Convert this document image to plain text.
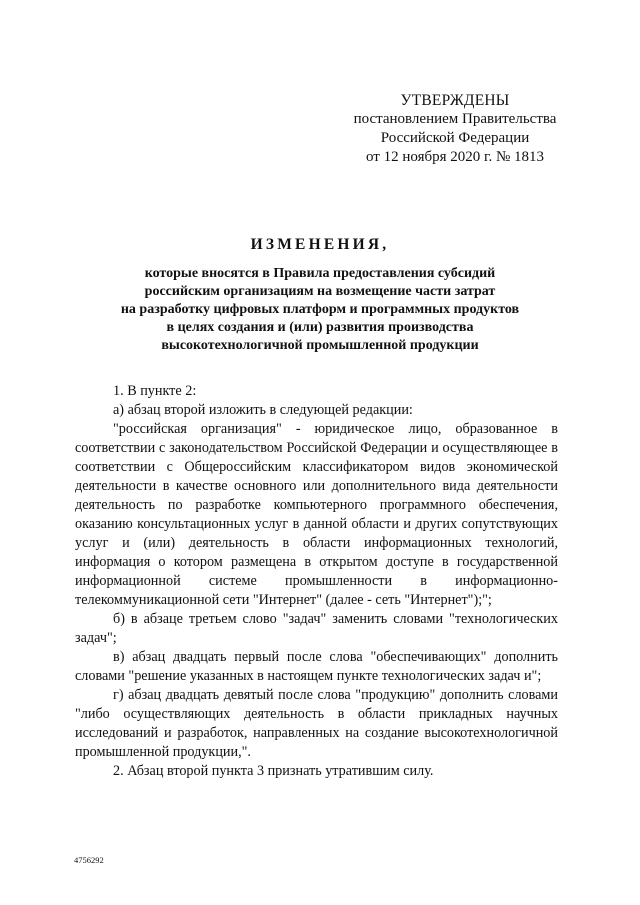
УТВЕРЖДЕНЫ
постановлением Правительства
Российской Федерации
от 12 ноября 2020 г. № 1813
ИЗМЕНЕНИЯ,
которые вносятся в Правила предоставления субсидий
российским организациям на возмещение части затрат
на разработку цифровых платформ и программных продуктов
в целях создания и (или) развития производства
высокотехнологичной промышленной продукции

1. В пункте 2:

а) абзац второй изложить в следующей редакции:

"российская организация" - юридическое лицо, образованное в соответствии с законодательством Российской Федерации и осуществляющее в соответствии с Общероссийским классификатором видов экономической деятельности в качестве основного или дополнительного вида деятельности деятельность по разработке компьютерного программного обеспечения, оказанию консультационных услуг в данной области и других сопутствующих услуг и (или) деятельность в области информационных технологий, информация о котором размещена в открытом доступе в государственной информационной системе промышленности в информационно-телекоммуникационной сети "Интернет" (далее - сеть "Интернет");";

б) в абзаце третьем слово "задач" заменить словами "технологических задач";

в) абзац двадцать первый после слова "обеспечивающих" дополнить словами "решение указанных в настоящем пункте технологических задач и";

г) абзац двадцать девятый после слова "продукцию" дополнить словами "либо осуществляющих деятельность в области прикладных научных исследований и разработок, направленных на создание высокотехнологичной промышленной продукции,".

2. Абзац второй пункта 3 признать утратившим силу.

4756292
